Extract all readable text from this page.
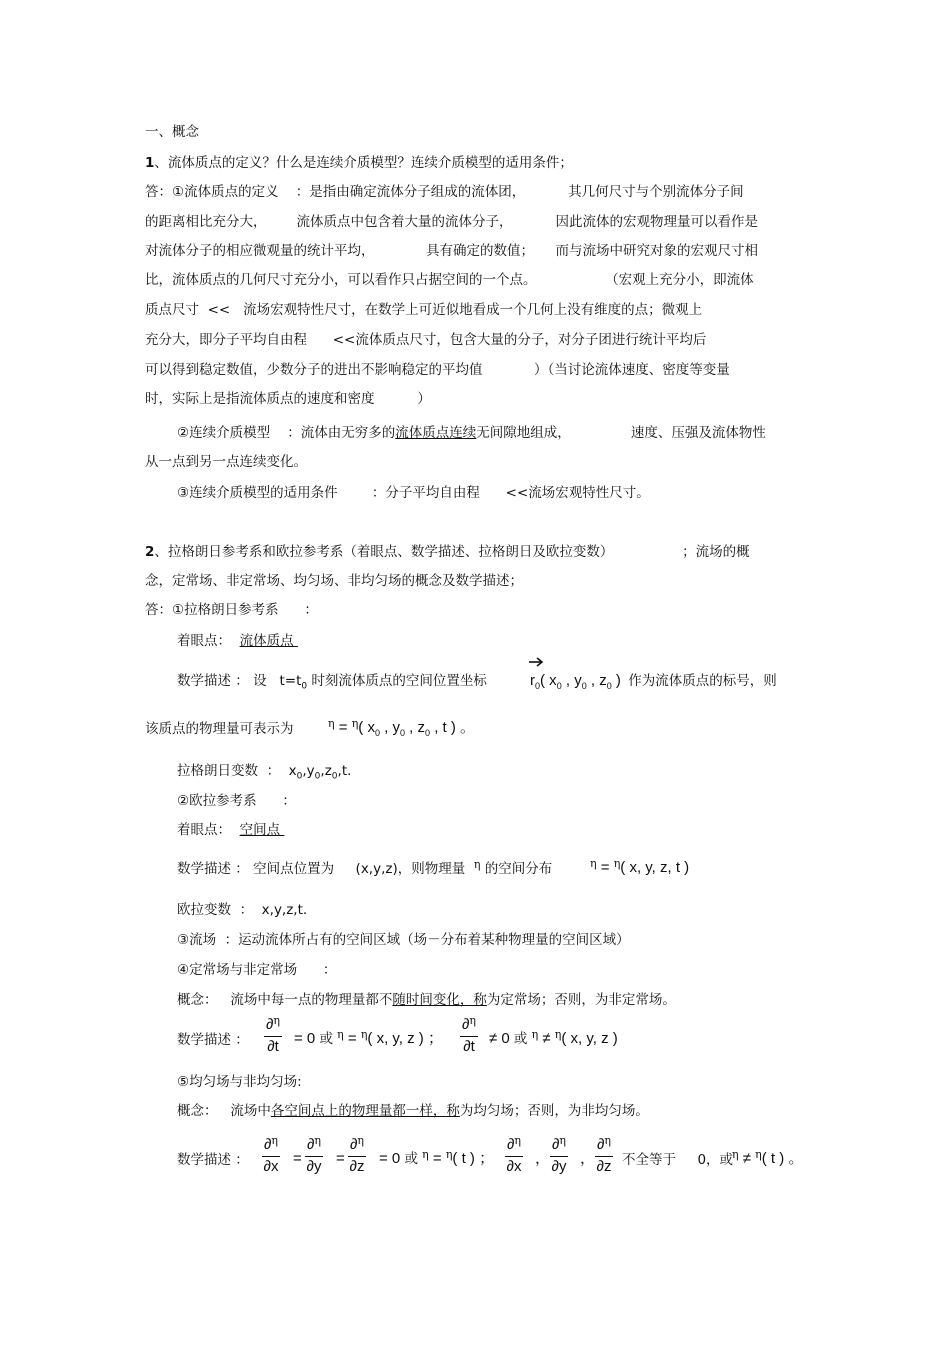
一、概念
1、流体质点的定义？什么是连续介质模型？连续介质模型的适用条件；
答：①流体质点的定义    ：是指由确定流体分子组成的流体团，          其几何尺寸与个别流体分子间
的距离相比充分大，       流体质点中包含着大量的流体分子，          因此流体的宏观物理量可以看作是
对流体分子的相应微观量的统计平均，            具有确定的数值；     而与流场中研究对象的宏观尺寸相
比，流体质点的几何尺寸充分小，可以看作只占据空间的一个点。                （宏观上充分小，即流体
质点尺寸  <<   流场宏观特性尺寸，在数学上可近似地看成一个几何上没有维度的点；微观上
充分大，即分子平均自由程      <<流体质点尺寸，包含大量的分子，对分子团进行统计平均后
可以得到稳定数值，少数分子的进出不影响稳定的平均值            ）（当讨论流体速度、密度等变量
时，实际上是指流体质点的速度和密度          ）
②连续介质模型    ：流体由无穷多的流体质点连续无间隙地组成，              速度、压强及流体物性
从一点到另一点连续变化。
③连续介质模型的适用条件        ：分子平均自由程      <<流场宏观特性尺寸。
2、拉格朗日参考系和欧拉参考系（着眼点、数学描述、拉格朗日及欧拉变数）                ；流场的概
念，定常场、非定常场、均匀场、非均匀场的概念及数学描述；
答：①拉格朗日参考系      ：
着眼点：  流体质点
数学描述 ： 设   $t=t_0$ 时刻流体质点的空间位置坐标	$r_0$( $x_0$ , $y_0$ , $z_0$ ) 作为流体质点的标号，则
该质点的物理量可表示为	$^\eta$ = $^\eta$( $x_0$ , $y_0$ , $z_0$ , t ) 。
拉格朗日变数  ：  $x_0,y_0,z_0,t$.
②欧拉参考系      ：
着眼点：  空间点
数学描述 ： 空间点位置为     (x,y,z)，则物理量 $^\eta$ 的空间分布	$^\eta$ = $^\eta$( x, y, z, t )
欧拉变数  ：  x,y,z,t.
③流场  ：运动流体所占有的空间区域（场－分布着某种物理量的空间区域）
④定常场与非定常场      ：
概念：   流场中每一点的物理量都不随时间变化，称为定常场；否则，为非定常场。
数学描述 ： $\frac{\partial^\eta}{\partial t} = 0$ 或 $^\eta$ = $^\eta$( x, y, z ) ； $\frac{\partial^\eta}{\partial t} \ne 0$ 或 $^\eta$ ≠ $^\eta$( x, y, z )
⑤均匀场与非均匀场:
概念：   流场中各空间点上的物理量都一样，称为均匀场；否则，为非均匀场。
数学描述 ： $\frac{\partial^\eta}{\partial x} = \frac{\partial^\eta}{\partial y} = \frac{\partial^\eta}{\partial z} = 0$ 或 $^\eta$ = $^\eta$( t ) ； $\frac{\partial^\eta}{\partial x}$ ， $\frac{\partial^\eta}{\partial y}$ ， $\frac{\partial^\eta}{\partial z}$ 不全等于     0，或
$^\eta$ ≠ $^\eta$( t ) 。
